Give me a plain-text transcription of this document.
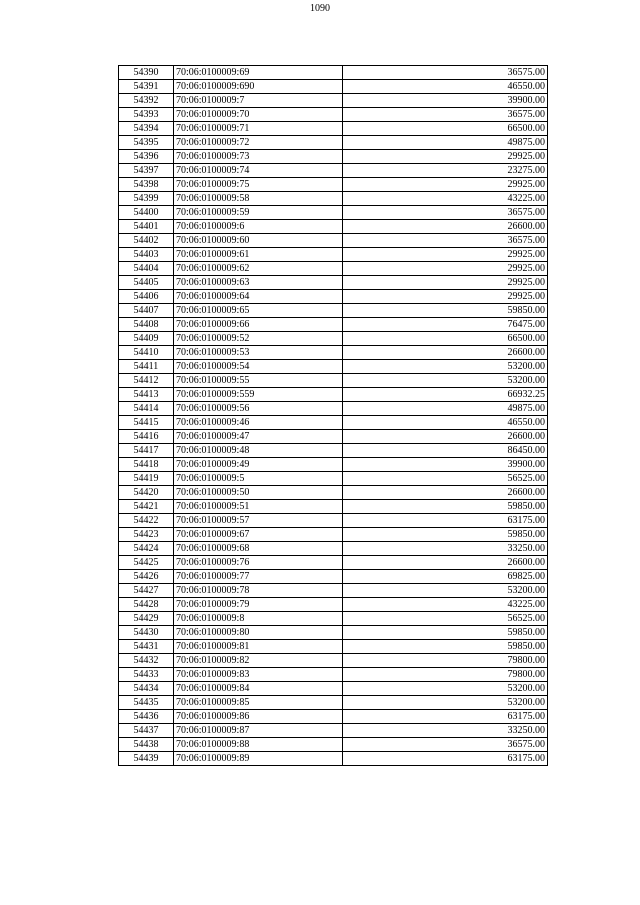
1090
54390	70:06:0100009:69	36575.00
54391	70:06:0100009:690	46550.00
54392	70:06:0100009:7	39900.00
54393	70:06:0100009:70	36575.00
54394	70:06:0100009:71	66500.00
54395	70:06:0100009:72	49875.00
54396	70:06:0100009:73	29925.00
54397	70:06:0100009:74	23275.00
54398	70:06:0100009:75	29925.00
54399	70:06:0100009:58	43225.00
54400	70:06:0100009:59	36575.00
54401	70:06:0100009:6	26600.00
54402	70:06:0100009:60	36575.00
54403	70:06:0100009:61	29925.00
54404	70:06:0100009:62	29925.00
54405	70:06:0100009:63	29925.00
54406	70:06:0100009:64	29925.00
54407	70:06:0100009:65	59850.00
54408	70:06:0100009:66	76475.00
54409	70:06:0100009:52	66500.00
54410	70:06:0100009:53	26600.00
54411	70:06:0100009:54	53200.00
54412	70:06:0100009:55	53200.00
54413	70:06:0100009:559	66932.25
54414	70:06:0100009:56	49875.00
54415	70:06:0100009:46	46550.00
54416	70:06:0100009:47	26600.00
54417	70:06:0100009:48	86450.00
54418	70:06:0100009:49	39900.00
54419	70:06:0100009:5	56525.00
54420	70:06:0100009:50	26600.00
54421	70:06:0100009:51	59850.00
54422	70:06:0100009:57	63175.00
54423	70:06:0100009:67	59850.00
54424	70:06:0100009:68	33250.00
54425	70:06:0100009:76	26600.00
54426	70:06:0100009:77	69825.00
54427	70:06:0100009:78	53200.00
54428	70:06:0100009:79	43225.00
54429	70:06:0100009:8	56525.00
54430	70:06:0100009:80	59850.00
54431	70:06:0100009:81	59850.00
54432	70:06:0100009:82	79800.00
54433	70:06:0100009:83	79800.00
54434	70:06:0100009:84	53200.00
54435	70:06:0100009:85	53200.00
54436	70:06:0100009:86	63175.00
54437	70:06:0100009:87	33250.00
54438	70:06:0100009:88	36575.00
54439	70:06:0100009:89	63175.00
